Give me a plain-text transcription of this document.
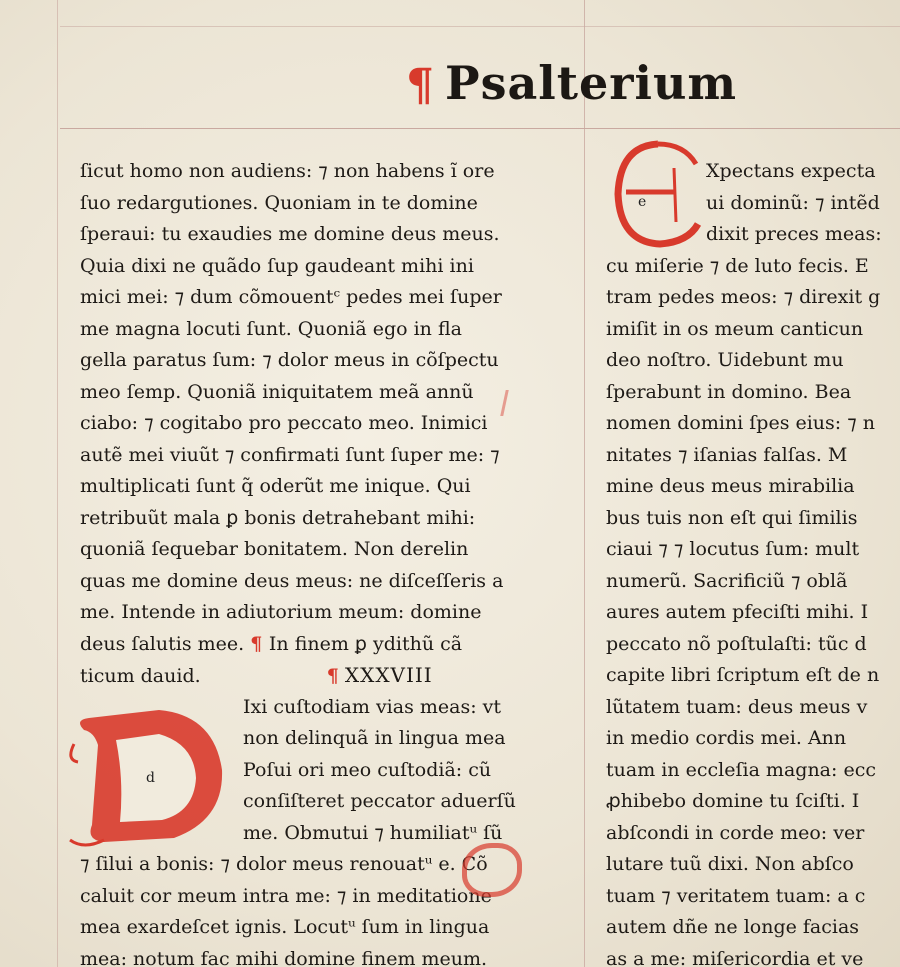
¶ Psalterium
ſicut homo non audiens: ⁊ non habens ĩ ore
ſuo redargutiones. Quoniam in te domine
ſperaui: tu exaudies me domine deus meus.
Quia dixi ne quãdo ſup gaudeant mihi ini
mici mei: ⁊ dum cõmouentᶜ pedes mei ſuper
me magna locuti ſunt. Quoniã ego in fla
gella paratus ſum: ⁊ dolor meus in cõſpectu
meo ſemp. Quoniã iniquitatem meã annũ
ciabo: ⁊ cogitabo pro peccato meo. Inimici
autẽ mei viuũt ⁊ confirmati ſunt ſuper me: ⁊
multiplicati ſunt q̃ oderũt me inique. Qui
retribuũt mala ꝑ bonis detrahebant mihi:
quoniã ſequebar bonitatem. Non derelin
quas me domine deus meus: ne diſceſſeris a
me. Intende in adiutorium meum: domine
deus ſalutis mee. ¶ In finem ꝑ ydithũ cã
ticum dauid.	¶ XXXVIII
Ixi cuſtodiam vias meas: vt
non delinquã in lingua mea
Poſui ori meo cuſtodiã: cũ
conſiſteret peccator aduerſũ
me. Obmutui ⁊ humiliatᵘ ſũ
⁊ ſilui a bonis: ⁊ dolor meus renouatᵘ e. Cõ
caluit cor meum intra me: ⁊ in meditatione
mea exardeſcet ignis. Locutᵘ ſum in lingua
mea: notum fac mihi domine finem meum.
d
Xpectans expecta
ui dominũ: ⁊ intẽd
dixit preces meas:
cu miſerie ⁊ de luto fecis. E
tram pedes meos: ⁊ direxit g
imiſit in os meum canticun
deo noſtro. Uidebunt mu
ſperabunt in domino. Bea
nomen domini ſpes eius: ⁊ n
nitates ⁊ iſanias falſas. M
mine deus meus mirabilia
bus tuis non eſt qui ſimilis
ciaui ⁊ ⁊ locutus ſum: mult
numerũ. Sacrificiũ ⁊ oblã
aures autem pfeciſti mihi. I
peccato nõ poſtulaſti: tũc d
capite libri ſcriptum eſt de n
lũtatem tuam: deus meus v
in medio cordis mei. Ann
tuam in eccleſia magna: ecc
ꝓhibebo domine tu ſciſti. I
abſcondi in corde meo: ver
lutare tuũ dixi. Non abſco
tuam ⁊ veritatem tuam: a c
autem dñe ne longe facias
as a me: miſericordia et ve
e
